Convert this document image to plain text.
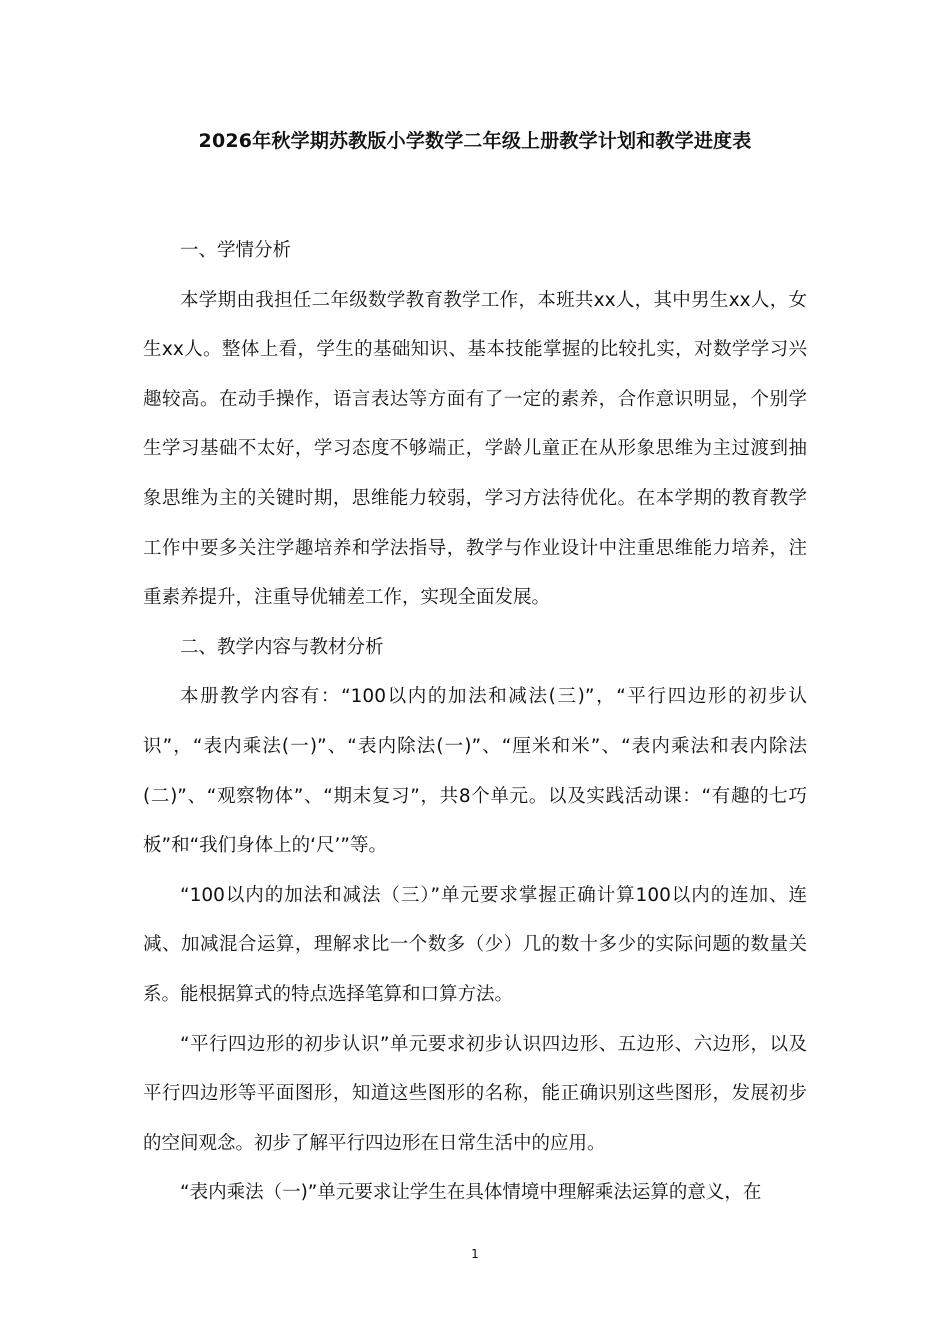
2026年秋学期苏教版小学数学二年级上册教学计划和教学进度表

一、学情分析

本学期由我担任二年级数学教育教学工作，本班共xx人，其中男生xx人，女生xx人。整体上看，学生的基础知识、基本技能掌握的比较扎实，对数学学习兴趣较高。在动手操作，语言表达等方面有了一定的素养，合作意识明显，个别学生学习基础不太好，学习态度不够端正，学龄儿童正在从形象思维为主过渡到抽象思维为主的关键时期，思维能力较弱，学习方法待优化。在本学期的教育教学工作中要多关注学趣培养和学法指导，教学与作业设计中注重思维能力培养，注重素养提升，注重导优辅差工作，实现全面发展。

二、教学内容与教材分析

本册教学内容有：“100以内的加法和减法(三)”，“平行四边形的初步认识”，“表内乘法(一)”、“表内除法(一)”、“厘米和米”、“表内乘法和表内除法(二)”、“观察物体”、“期末复习”，共8个单元。以及实践活动课：“有趣的七巧板”和“我们身体上的‘尺’”等。

“100以内的加法和减法（三）”单元要求掌握正确计算100以内的连加、连减、加减混合运算，理解求比一个数多（少）几的数十多少的实际问题的数量关系。能根据算式的特点选择笔算和口算方法。

“平行四边形的初步认识”单元要求初步认识四边形、五边形、六边形，以及平行四边形等平面图形，知道这些图形的名称，能正确识别这些图形，发展初步的空间观念。初步了解平行四边形在日常生活中的应用。

“表内乘法（一)”单元要求让学生在具体情境中理解乘法运算的意义，在

1
